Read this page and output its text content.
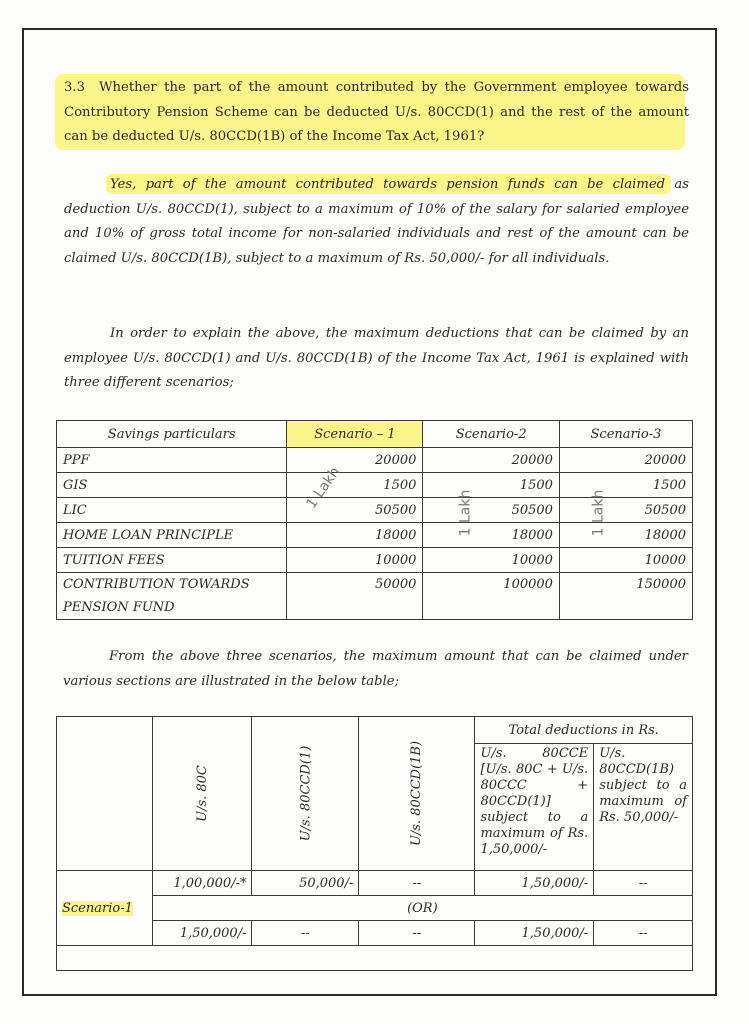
3.3 Whether the part of the amount contributed by the Government employee towards Contributory Pension Scheme can be deducted U/s. 80CCD(1) and the rest of the amount can be deducted U/s. 80CCD(1B) of the Income Tax Act, 1961?
Yes, part of the amount contributed towards pension funds can be claimed as deduction U/s. 80CCD(1), subject to a maximum of 10% of the salary for salaried employee and 10% of gross total income for non-salaried individuals and rest of the amount can be claimed U/s. 80CCD(1B), subject to a maximum of Rs. 50,000/- for all individuals.
In order to explain the above, the maximum deductions that can be claimed by an employee U/s. 80CCD(1) and U/s. 80CCD(1B) of the Income Tax Act, 1961 is explained with three different scenarios;
Savings particulars	Scenario – 1	Scenario-2	Scenario-3
PPF	20000	20000	20000
GIS	1500	1500	1500
LIC	50500	50500	50500
HOME LOAN PRINCIPLE	18000	18000	18000
TUITION FEES	10000	10000	10000
CONTRIBUTION TOWARDS PENSION FUND	50000	100000	150000
1 Lakh
1 Lakh	1 Lakh
From the above three scenarios, the maximum amount that can be claimed under various sections are illustrated in the below table;
	U/s. 80C	U/s. 80CCD(1)	U/s. 80CCD(1B)	Total deductions in Rs.	
				U/s. 80CCE [U/s. 80C + U/s. 80CCC + 80CCD(1)] subject to a maximum of Rs. 1,50,000/-	U/s. 80CCD(1B) subject to a maximum of Rs. 50,000/-
Scenario-1	1,00,000/-*	50,000/-	--	1,50,000/-	--
	(OR)				
	1,50,000/-	--	--	1,50,000/-	--
